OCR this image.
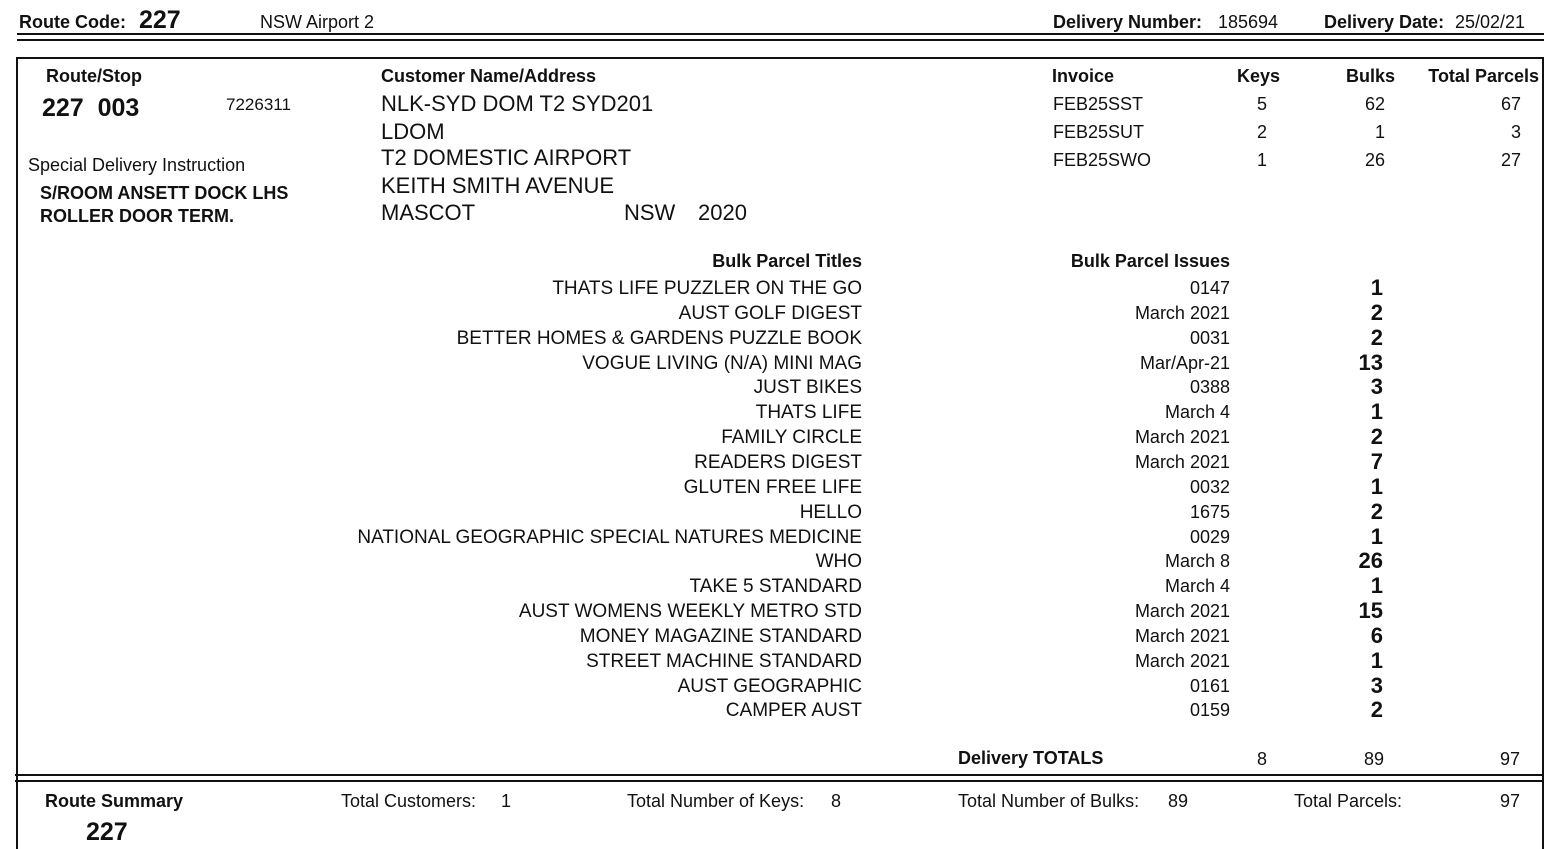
Route Code: 227	NSW Airport 2	Delivery Number: 185694	Delivery Date: 25/02/21
Route/Stop
227  003	7226311
Special Delivery Instruction
S/ROOM ANSETT DOCK LHS
ROLLER DOOR TERM.
Customer Name/Address
NLK-SYD DOM T2 SYD201
LDOM
T2 DOMESTIC AIRPORT
KEITH SMITH AVENUE
MASCOT	NSW 2020
Invoice	Keys	Bulks	Total Parcels
FEB25SST	5	62	67
FEB25SUT	2	1	3
FEB25SWO	1	26	27
Bulk Parcel Titles	Bulk Parcel Issues
THATS LIFE PUZZLER ON THE GO	0147	1
AUST GOLF DIGEST	March 2021	2
BETTER HOMES & GARDENS PUZZLE BOOK	0031	2
VOGUE LIVING (N/A) MINI MAG	Mar/Apr-21	13
JUST BIKES	0388	3
THATS LIFE	March 4	1
FAMILY CIRCLE	March 2021	2
READERS DIGEST	March 2021	7
GLUTEN FREE LIFE	0032	1
HELLO	1675	2
NATIONAL GEOGRAPHIC SPECIAL NATURES MEDICINE	0029	1
WHO	March 8	26
TAKE 5 STANDARD	March 4	1
AUST WOMENS WEEKLY METRO STD	March 2021	15
MONEY MAGAZINE STANDARD	March 2021	6
STREET MACHINE STANDARD	March 2021	1
AUST GEOGRAPHIC	0161	3
CAMPER AUST	0159	2
Delivery TOTALS	8	89	97
Route Summary
227
Total Customers: 1	Total Number of Keys: 8	Total Number of Bulks: 89	Total Parcels:	97
